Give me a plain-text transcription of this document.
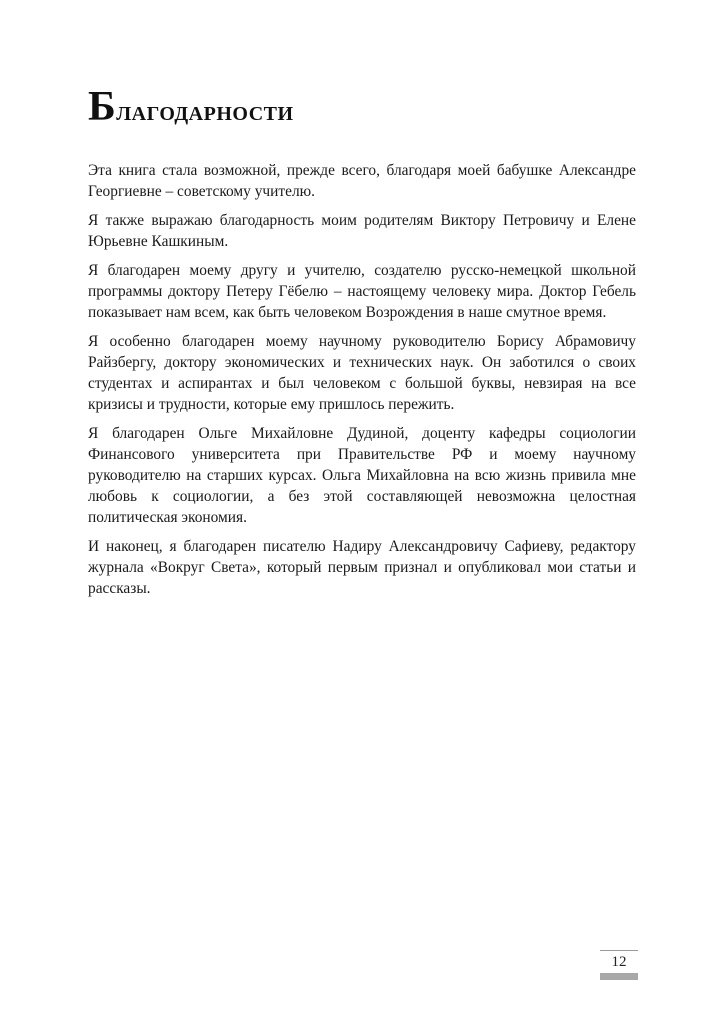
Благодарности

Эта книга стала возможной, прежде всего, благодаря моей бабушке Александре Георгиевне – советскому учителю.

Я также выражаю благодарность моим родителям Виктору Петровичу и Елене Юрьевне Кашкиным.

Я благодарен моему другу и учителю, создателю русско-немецкой школьной программы доктору Петеру Гёбелю – настоящему человеку мира. Доктор Гебель показывает нам всем, как быть человеком Возрождения в наше смутное время.

Я особенно благодарен моему научному руководителю Борису Абрамовичу Райзбергу, доктору экономических и технических наук. Он заботился о своих студентах и аспирантах и был человеком с большой буквы, невзирая на все кризисы и трудности, которые ему пришлось пережить.

Я благодарен Ольге Михайловне Дудиной, доценту кафедры социологии Финансового университета при Правительстве РФ и моему научному руководителю на старших курсах. Ольга Михайловна на всю жизнь привила мне любовь к социологии, а без этой составляющей невозможна целостная политическая экономия.

И наконец, я благодарен писателю Надиру Александровичу Сафиеву, редактору журнала «Вокруг Света», который первым признал и опубликовал мои статьи и рассказы.

12
